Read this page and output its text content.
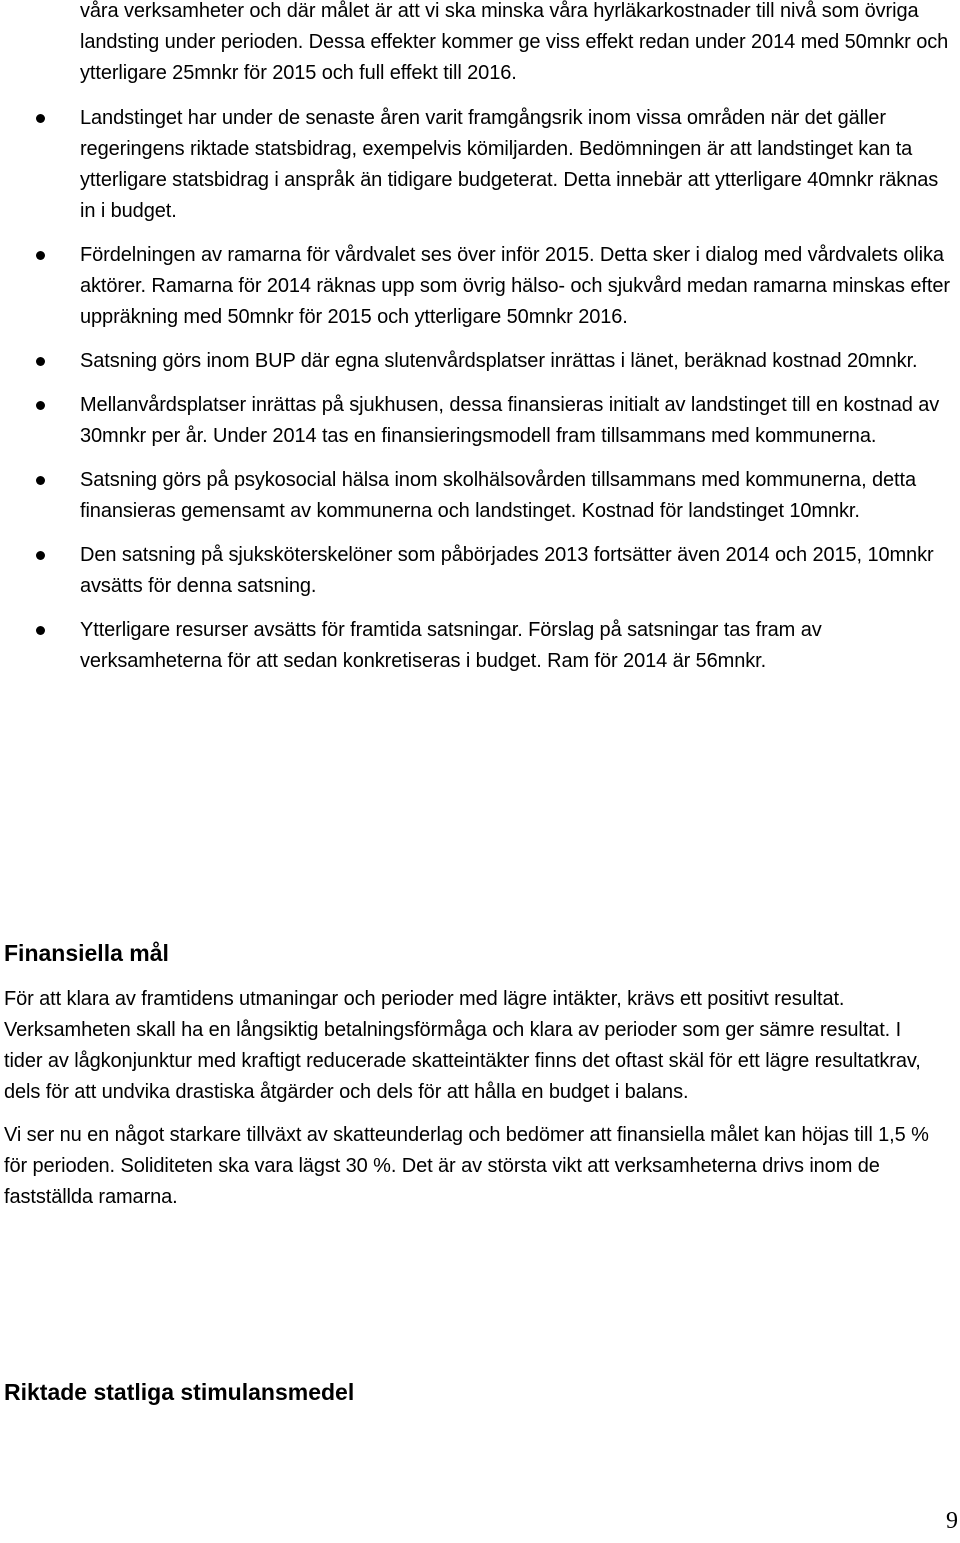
våra verksamheter och där målet är att vi ska minska våra hyrläkarkostnader till nivå som övriga landsting under perioden. Dessa effekter kommer ge viss effekt redan under 2014 med 50mnkr och ytterligare 25mnkr för 2015 och full effekt till 2016.

Landstinget har under de senaste åren varit framgångsrik inom vissa områden när det gäller regeringens riktade statsbidrag, exempelvis kömiljarden. Bedömningen är att landstinget kan ta ytterligare statsbidrag i anspråk än tidigare budgeterat. Detta innebär att ytterligare 40mnkr räknas in i budget.
Fördelningen av ramarna för vårdvalet ses över inför 2015. Detta sker i dialog med vårdvalets olika aktörer. Ramarna för 2014 räknas upp som övrig hälso- och sjukvård medan ramarna minskas efter uppräkning med 50mnkr för 2015 och ytterligare 50mnkr 2016.
Satsning görs inom BUP där egna slutenvårdsplatser inrättas i länet, beräknad kostnad 20mnkr.
Mellanvårdsplatser inrättas på sjukhusen, dessa finansieras initialt av landstinget till en kostnad av 30mnkr per år. Under 2014 tas en finansieringsmodell fram tillsammans med kommunerna.
Satsning görs på psykosocial hälsa inom skolhälsovården tillsammans med kommunerna, detta finansieras gemensamt av kommunerna och landstinget. Kostnad för landstinget 10mnkr.
Den satsning på sjuksköterskelöner som påbörjades 2013 fortsätter även 2014 och 2015, 10mnkr avsätts för denna satsning.
Ytterligare resurser avsätts för framtida satsningar. Förslag på satsningar tas fram av verksamheterna för att sedan konkretiseras i budget. Ram för 2014 är 56mnkr.
Finansiella mål

För att klara av framtidens utmaningar och perioder med lägre intäkter, krävs ett positivt resultat. Verksamheten skall ha en långsiktig betalningsförmåga och klara av perioder som ger sämre resultat. I tider av lågkonjunktur med kraftigt reducerade skatteintäkter finns det oftast skäl för ett lägre resultatkrav, dels för att undvika drastiska åtgärder och dels för att hålla en budget i balans.

Vi ser nu en något starkare tillväxt av skatteunderlag och bedömer att finansiella målet kan höjas till 1,5 % för perioden. Soliditeten ska vara lägst 30 %. Det är av största vikt att verksamheterna drivs inom de fastställda ramarna.

Riktade statliga stimulansmedel
9
